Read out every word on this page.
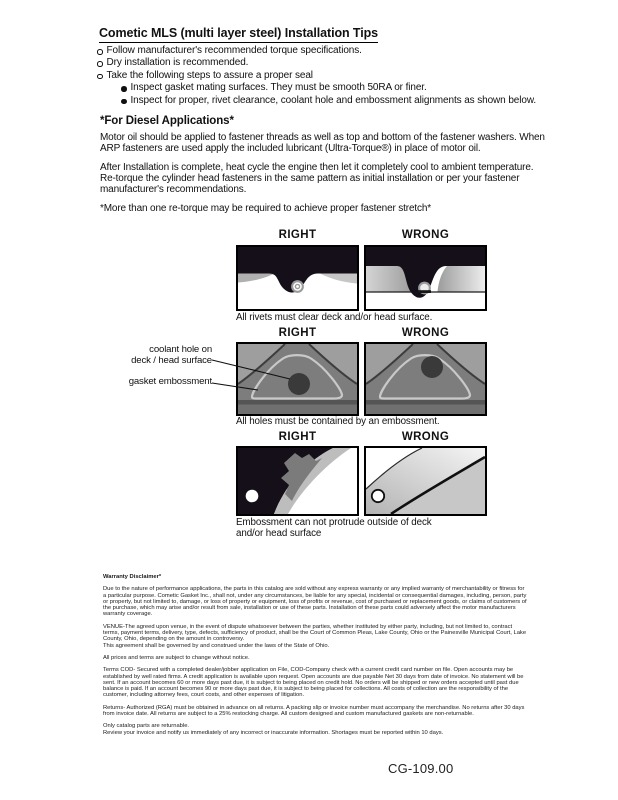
Cometic MLS (multi layer steel) Installation Tips
Follow manufacturer's recommended torque specifications.
Dry installation is recommended.
Take the following steps to assure a proper seal
Inspect gasket mating surfaces. They must be smooth 50RA or finer.
Inspect for proper, rivet clearance, coolant hole and embossment alignments as shown below.
*For Diesel Applications*
Motor oil should be applied to fastener threads as well as top and bottom of the fastener washers. When ARP fasteners are used apply the included lubricant (Ultra-Torque®) in place of motor oil.
After Installation is complete, heat cycle the engine then let it completely cool to ambient temperature. Re-torque the cylinder head fasteners in the same pattern as initial installation or per your fastener manufacturer's recommendations.
*More than one re-torque may be required to achieve proper fastener stretch*
RIGHT	WRONG
All rivets must clear deck and/or head surface.
RIGHT	WRONG
coolant hole on
deck / head surface
gasket embossment
All holes must be contained by an embossment.
RIGHT	WRONG
Embossment can not protrude outside of deck
and/or head surface
Warranty Disclaimer*

Due to the nature of performance applications, the parts in this catalog are sold without any express warranty or any implied warranty of merchantability or fitness for a particular purpose. Cometic Gasket Inc., shall not, under any circumstances, be liable for any special, incidental or consequential damages, including, person, party or property, but not limited to, damage, or loss of property or equipment, loss of profits or revenue, cost of purchased or replacement goods, or claims of customers of the purchase, which may arise and/or result from sale, installation or use of these parts. Installation of these parts could adversely affect the motor manufacturers warranty coverage.

VENUE-The agreed upon venue, in the event of dispute whatsoever between the parties, whether instituted by either party, including, but not limited to, contract terms, payment terms, delivery, type, defects, sufficiency of product, shall be the Court of Common Pleas, Lake County, Ohio or the Painesville Municipal Court, Lake County, Ohio, depending on the amount in controversy.

This agreement shall be governed by and construed under the laws of the State of Ohio.

All prices and terms are subject to change without notice.

Terms COD- Secured with a completed dealer/jobber application on File, COD-Company check with a current credit card number on file. Open accounts may be established by well rated firms. A credit application is available upon request. Open accounts are due payable Net 30 days from date of invoice. No statement will be sent. If an account becomes 60 or more days past due, it is subject to being placed on credit hold. No orders will be shipped or new orders accepted until past due balance is paid. If an account becomes 90 or more days past due, it is subject to being placed for collections. All costs of collection are the responsibility of the customer, including attorney fees, court costs, and other expenses of litigation.

Returns- Authorized (RGA) must be obtained in advance on all returns. A packing slip or invoice number must accompany the merchandise. No returns after 30 days from invoice date. All returns are subject to a 25% restocking charge. All custom designed and custom manufactured gaskets are non-returnable.

Only catalog parts are returnable.

Review your invoice and notify us immediately of any incorrect or inaccurate information. Shortages must be reported within 10 days.

CG-109.00
